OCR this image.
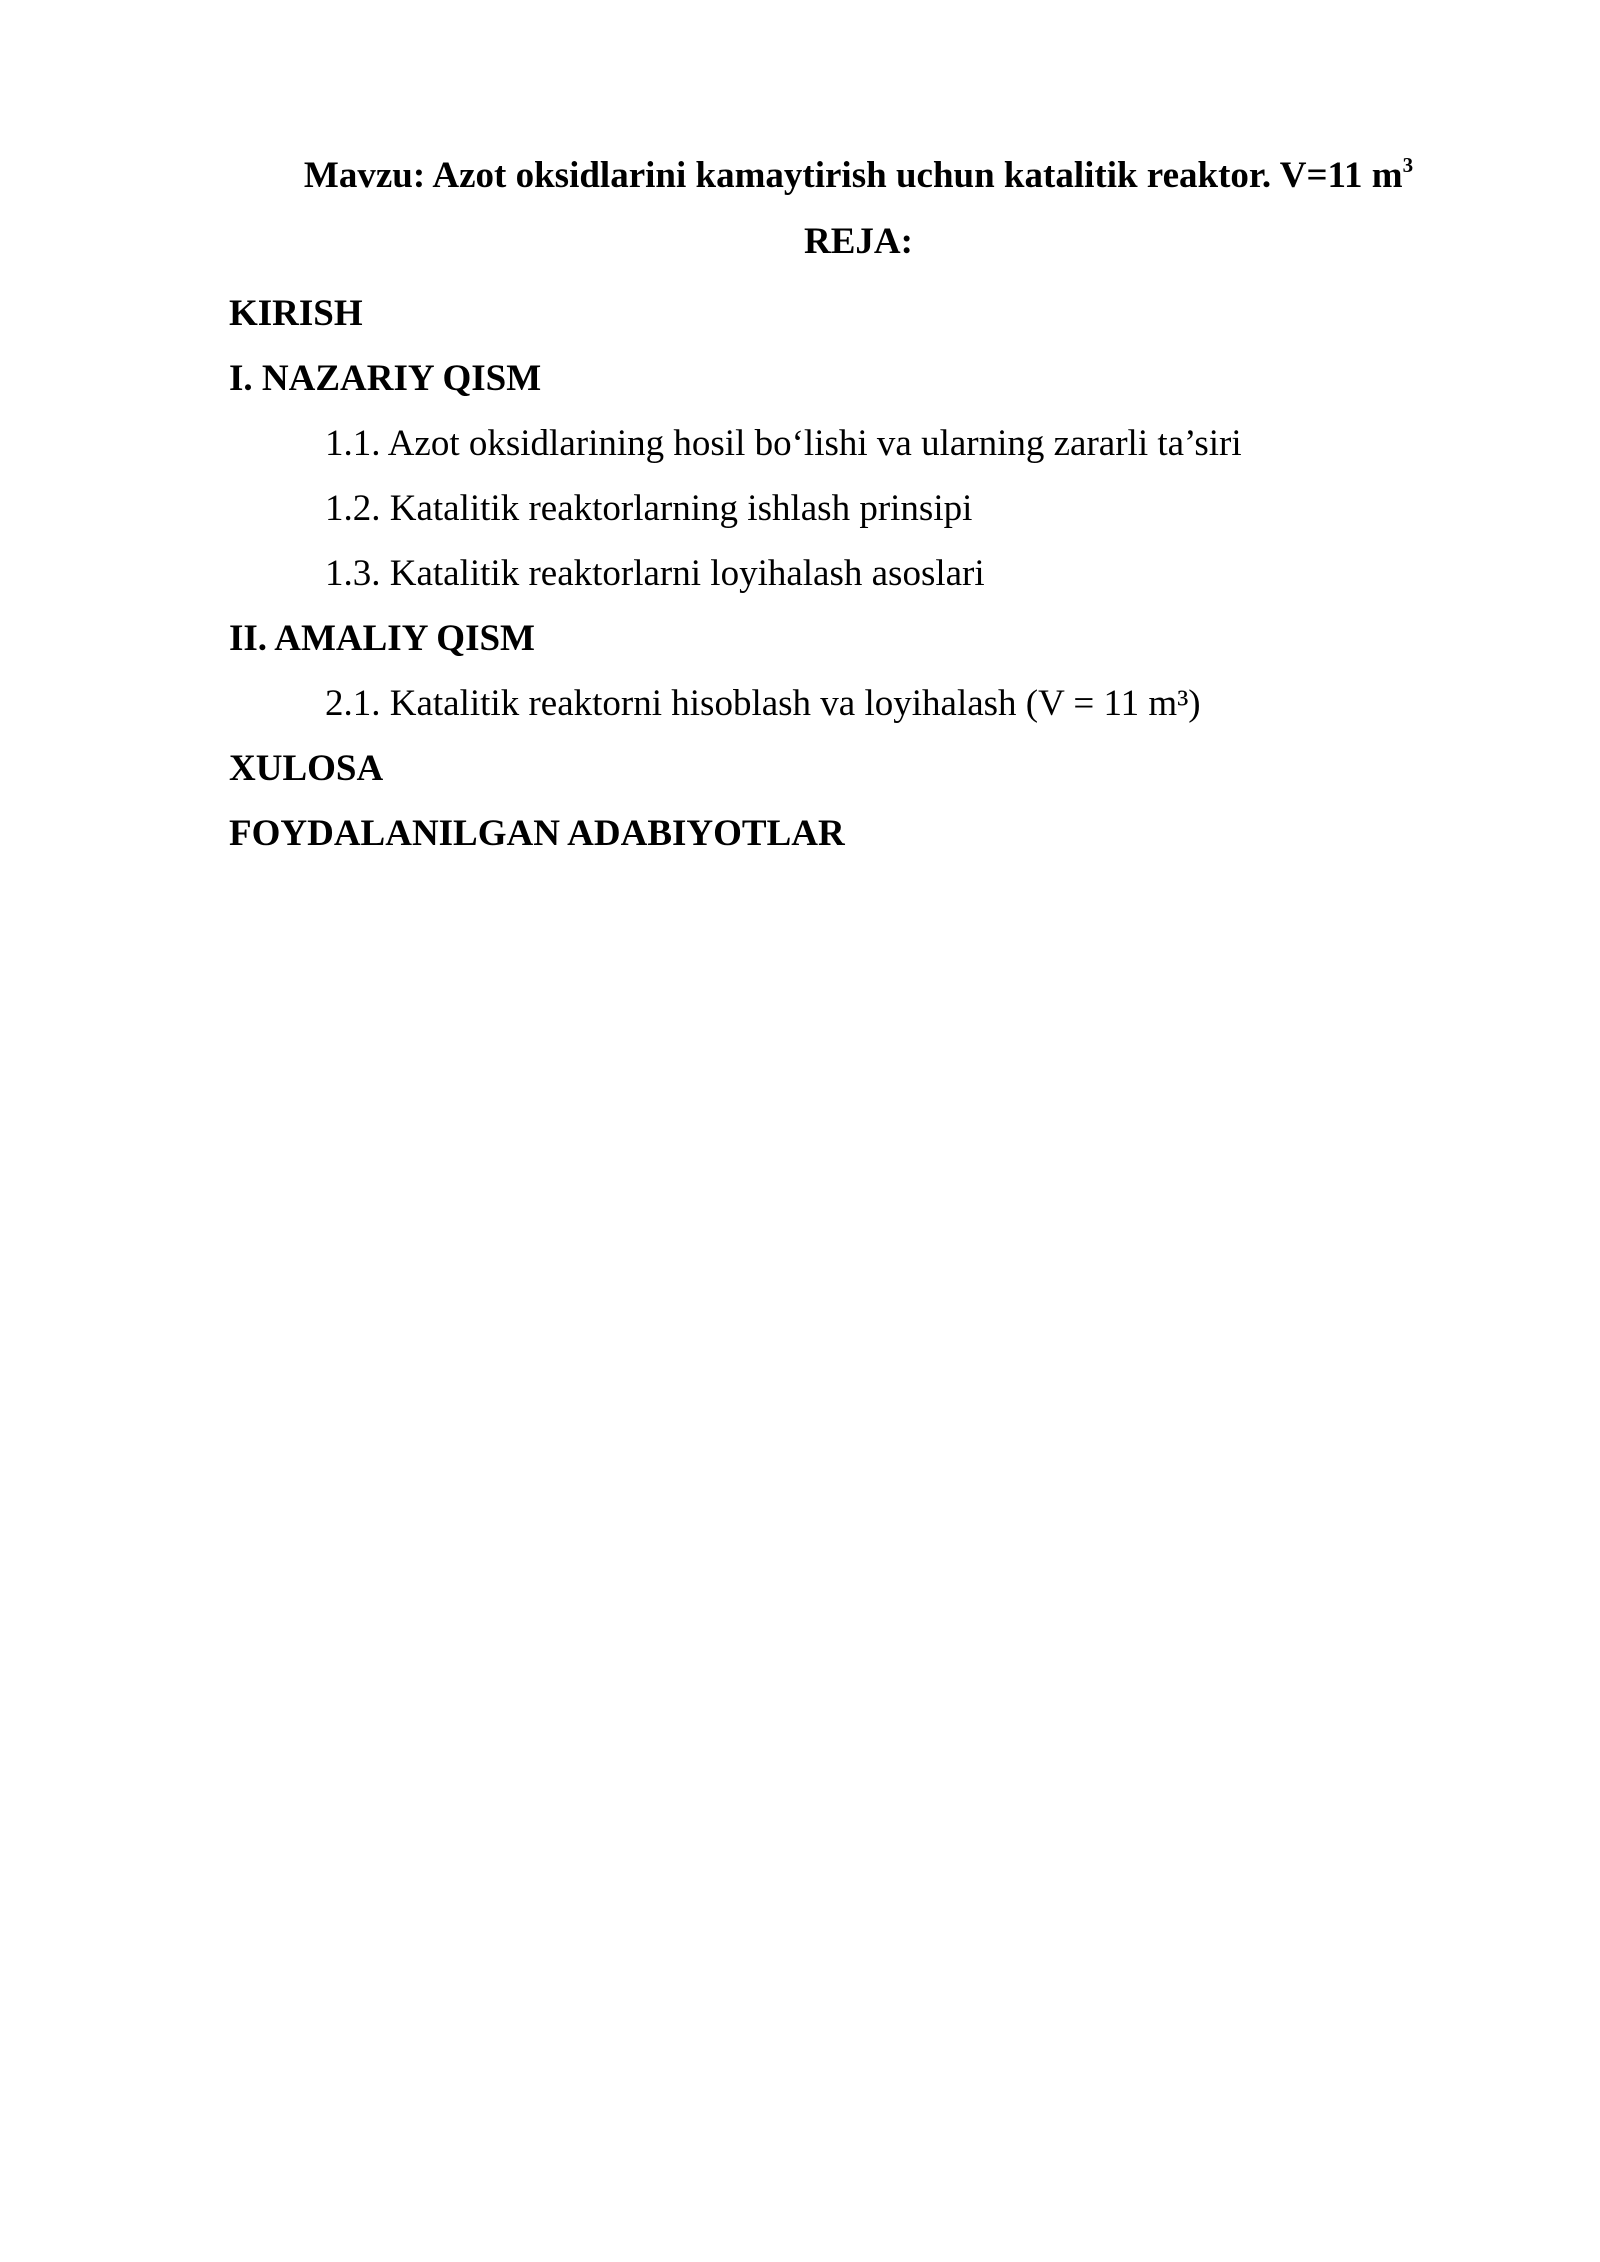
Mavzu: Azot oksidlarini kamaytirish uchun katalitik reaktor. V=11 $m^3$
REJA:
KIRISH
I. NAZARIY QISM
1.1. Azot oksidlarining hosil bo‘lishi va ularning zararli ta’siri
1.2. Katalitik reaktorlarning ishlash prinsipi
1.3. Katalitik reaktorlarni loyihalash asoslari
II. AMALIY QISM
2.1. Katalitik reaktorni hisoblash va loyihalash (V = 11 m³)
XULOSA
FOYDALANILGAN ADABIYOTLAR
